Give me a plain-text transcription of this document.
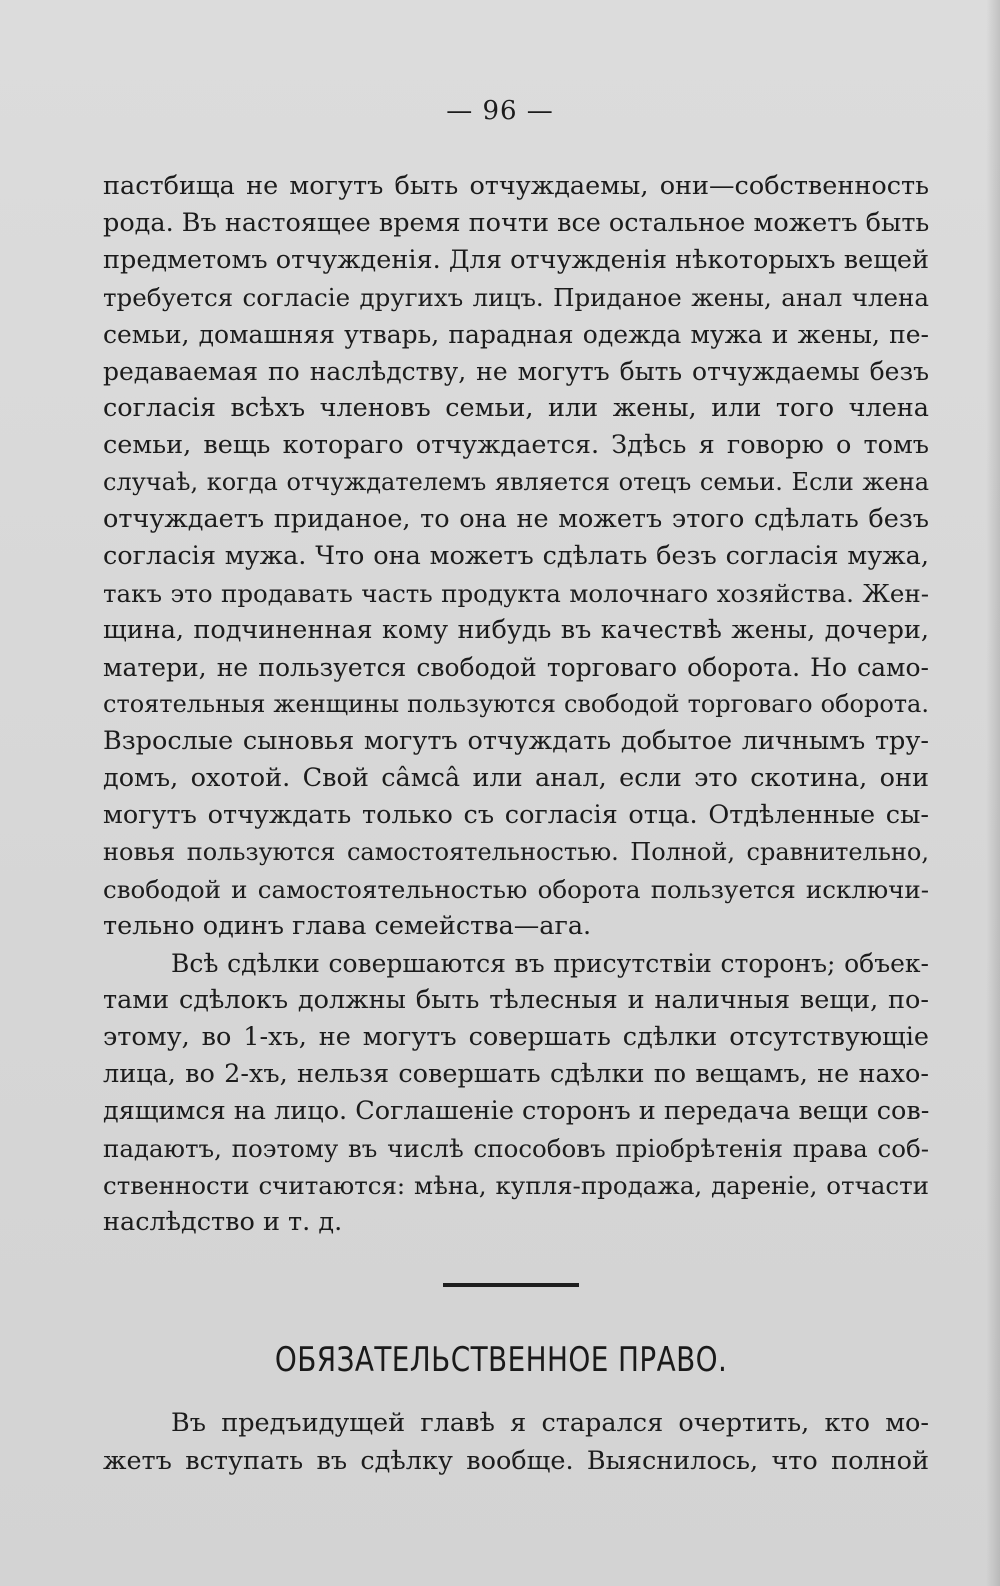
— 96 —
пастбища не могутъ быть отчуждаемы, они—собственность
рода. Въ настоящее время почти все остальное можетъ быть
предметомъ отчужденія. Для отчужденія нѣкоторыхъ вещей
требуется согласіе другихъ лицъ. Приданое жены, анал члена
семьи, домашняя утварь, парадная одежда мужа и жены, пе-
редаваемая по наслѣдству, не могутъ быть отчуждаемы безъ
согласія всѣхъ членовъ семьи, или жены, или того члена
семьи, вещь котораго отчуждается. Здѣсь я говорю о томъ
случаѣ, когда отчуждателемъ является отецъ семьи. Если жена
отчуждаетъ приданое, то она не можетъ этого сдѣлать безъ
согласія мужа. Что она можетъ сдѣлать безъ согласія мужа,
такъ это продавать часть продукта молочнаго хозяйства. Жен-
щина, подчиненная кому нибудь въ качествѣ жены, дочери,
матери, не пользуется свободой торговаго оборота. Но само-
стоятельныя женщины пользуются свободой торговаго оборота.
Взрослые сыновья могутъ отчуждать добытое личнымъ тру-
домъ, охотой. Свой сâмсâ или анал, если это скотина, они
могутъ отчуждать только съ согласія отца. Отдѣленные сы-
новья пользуются самостоятельностью. Полной, сравнительно,
свободой и самостоятельностью оборота пользуется исключи-
тельно одинъ глава семейства—ага.
Всѣ сдѣлки совершаются въ присутствіи сторонъ; объек-
тами сдѣлокъ должны быть тѣлесныя и наличныя вещи, по-
этому, во 1-хъ, не могутъ совершать сдѣлки отсутствующіе
лица, во 2-хъ, нельзя совершать сдѣлки по вещамъ, не нахо-
дящимся на лицо. Соглашеніе сторонъ и передача вещи сов-
падаютъ, поэтому въ числѣ способовъ пріобрѣтенія права соб-
ственности считаются: мѣна, купля-продажа, дареніе, отчасти
наслѣдство и т. д.
ОБЯЗАТЕЛЬСТВЕННОЕ ПРАВО.
Въ предъидущей главѣ я старался очертить, кто мо-
жетъ вступать въ сдѣлку вообще. Выяснилось, что полной
